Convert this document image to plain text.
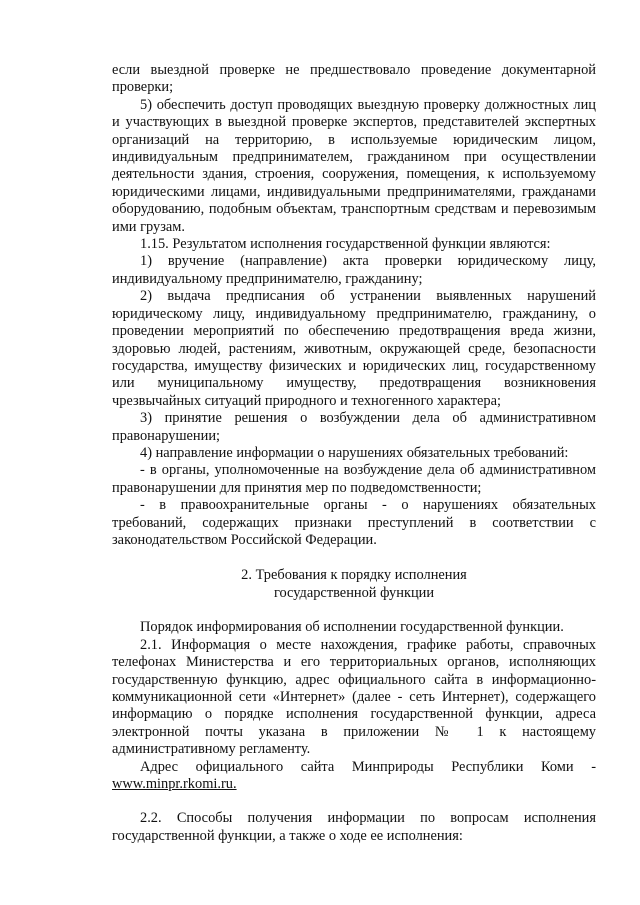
если выездной проверке не предшествовало проведение документарной проверки;

5) обеспечить доступ проводящих выездную проверку должностных лиц и участвующих в выездной проверке экспертов, представителей экспертных организаций на территорию, в используемые юридическим лицом, индивидуальным предпринимателем, гражданином при осуществлении деятельности здания, строения, сооружения, помещения, к используемому юридическими лицами, индивидуальными предпринимателями, гражданами оборудованию, подобным объектам, транспортным средствам и перевозимым ими грузам.

1.15. Результатом исполнения государственной функции являются:

1) вручение (направление) акта проверки юридическому лицу, индивидуальному предпринимателю, гражданину;

2) выдача предписания об устранении выявленных нарушений юридическому лицу, индивидуальному предпринимателю, гражданину, о проведении мероприятий по обеспечению предотвращения вреда жизни, здоровью людей, растениям, животным, окружающей среде, безопасности государства, имуществу физических и юридических лиц, государственному или муниципальному имуществу, предотвращения возникновения чрезвычайных ситуаций природного и техногенного характера;

3) принятие решения о возбуждении дела об административном правонарушении;

4) направление информации о нарушениях обязательных требований:

- в органы, уполномоченные на возбуждение дела об административном правонарушении для принятия мер по подведомственности;

- в правоохранительные органы - о нарушениях обязательных требований, содержащих признаки преступлений в соответствии с законодательством Российской Федерации.

2. Требования к порядку исполнения

государственной функции

Порядок информирования об исполнении государственной функции.

2.1. Информация о месте нахождения, графике работы, справочных телефонах Министерства и его территориальных органов, исполняющих государственную функцию, адрес официального сайта в информационно-коммуникационной сети «Интернет» (далее - сеть Интернет), содержащего информацию о порядке исполнения государственной функции, адреса электронной почты указана в приложении № 1 к настоящему административному регламенту.

Адрес официального сайта Минприроды Республики Коми -

www.minpr.rkomi.ru.

2.2. Способы получения информации по вопросам исполнения государственной функции, а также о ходе ее исполнения:
